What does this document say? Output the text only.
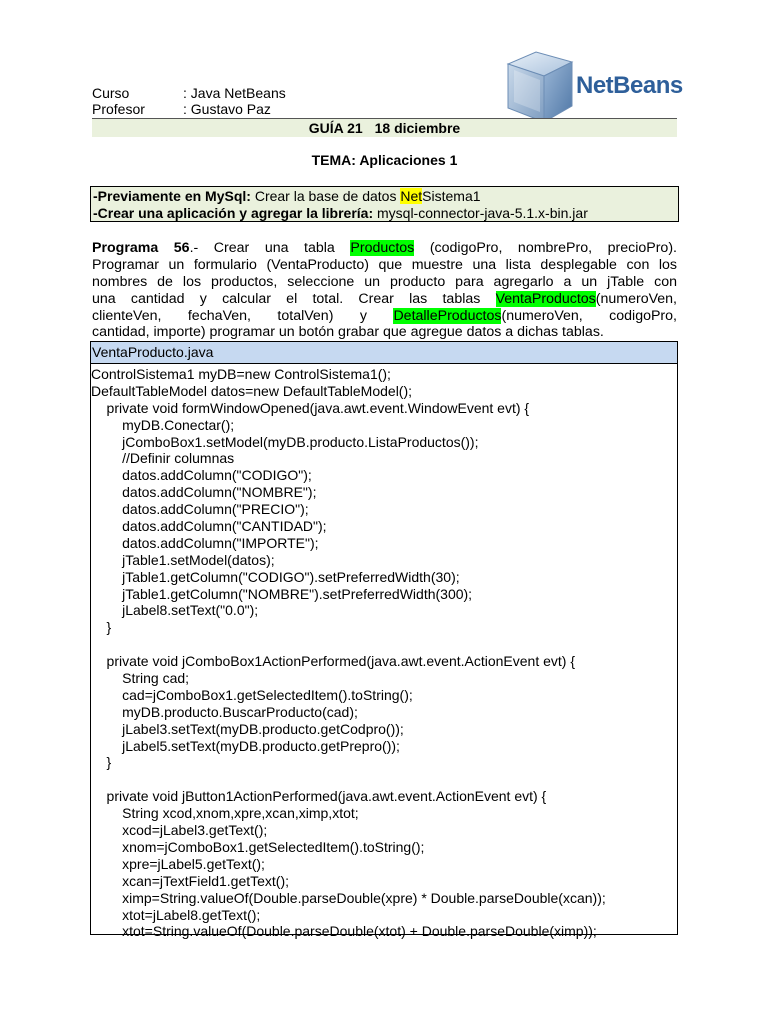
NetBeans
Curso	: Java NetBeans
Profesor	: Gustavo Paz
GUÍA 21 18 diciembre
TEMA: Aplicaciones 1
-Previamente en MySql: Crear la base de datos NetSistema1
-Crear una aplicación y agregar la librería: mysql-connector-java-5.1.x-bin.jar
Programa 56.- Crear una tabla Productos (codigoPro, nombrePro, precioPro).
Programar un formulario (VentaProducto) que muestre una lista desplegable con los
nombres de los productos, seleccione un producto para agregarlo a un jTable con
una cantidad y calcular el total. Crear las tablas VentaProductos(numeroVen,
clienteVen, fechaVen, totalVen) y DetalleProductos(numeroVen, codigoPro,
cantidad, importe) programar un botón grabar que agregue datos a dichas tablas.
VentaProducto.java
ControlSistema1 myDB=new ControlSistema1();
DefaultTableModel datos=new DefaultTableModel();
private void formWindowOpened(java.awt.event.WindowEvent evt) {
myDB.Conectar();
jComboBox1.setModel(myDB.producto.ListaProductos());
//Definir columnas
datos.addColumn("CODIGO");
datos.addColumn("NOMBRE");
datos.addColumn("PRECIO");
datos.addColumn("CANTIDAD");
datos.addColumn("IMPORTE");
jTable1.setModel(datos);
jTable1.getColumn("CODIGO").setPreferredWidth(30);
jTable1.getColumn("NOMBRE").setPreferredWidth(300);
jLabel8.setText("0.0");
}

private void jComboBox1ActionPerformed(java.awt.event.ActionEvent evt) {
String cad;
cad=jComboBox1.getSelectedItem().toString();
myDB.producto.BuscarProducto(cad);
jLabel3.setText(myDB.producto.getCodpro());
jLabel5.setText(myDB.producto.getPrepro());
}

private void jButton1ActionPerformed(java.awt.event.ActionEvent evt) {
String xcod,xnom,xpre,xcan,ximp,xtot;
xcod=jLabel3.getText();
xnom=jComboBox1.getSelectedItem().toString();
xpre=jLabel5.getText();
xcan=jTextField1.getText();
ximp=String.valueOf(Double.parseDouble(xpre) * Double.parseDouble(xcan));
xtot=jLabel8.getText();
xtot=String.valueOf(Double.parseDouble(xtot) + Double.parseDouble(ximp));
